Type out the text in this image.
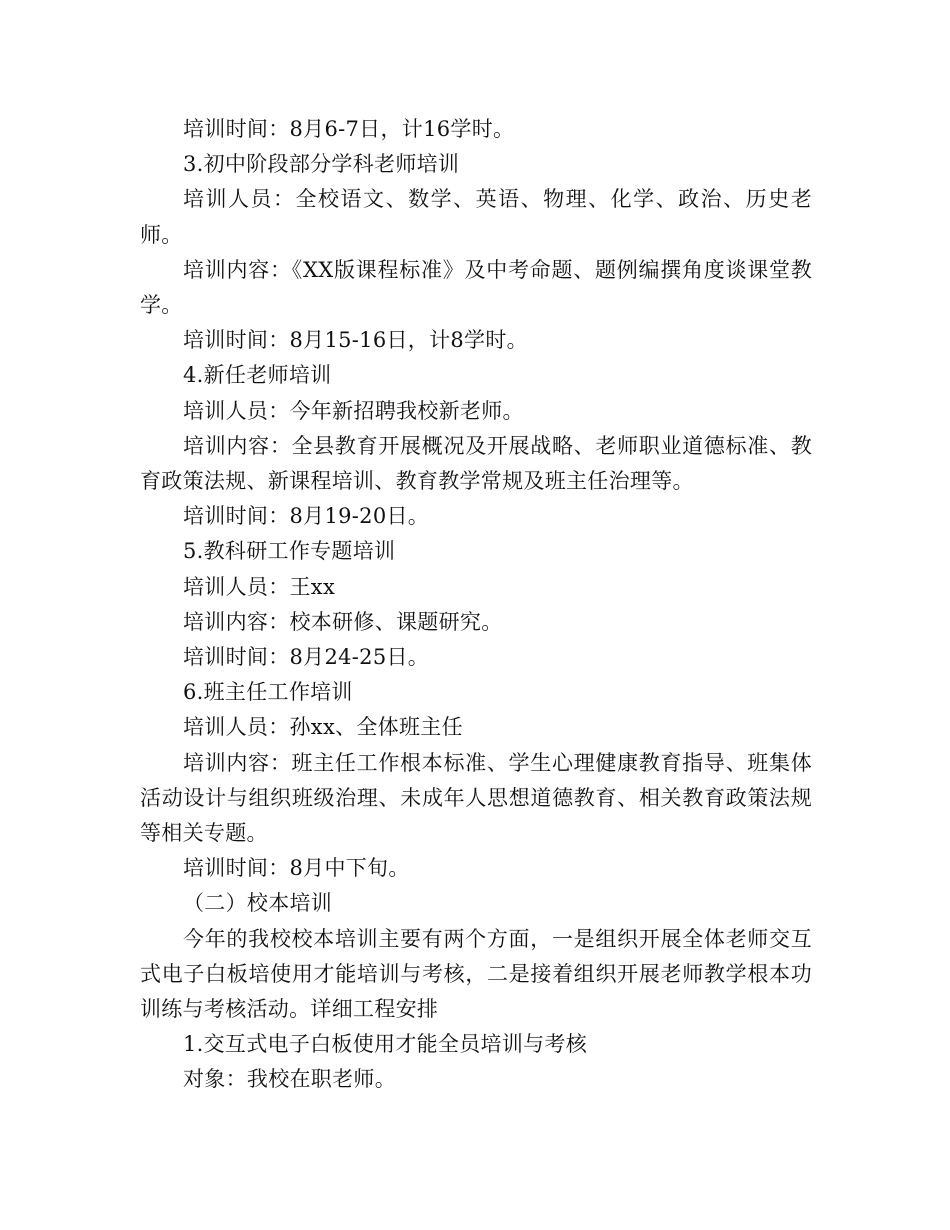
培训时间：8月6-7日，计16学时。

3.初中阶段部分学科老师培训

培训人员：全校语文、数学、英语、物理、化学、政治、历史老师。

培训内容：《XX版课程标准》及中考命题、题例编撰角度谈课堂教学。

培训时间：8月15-16日，计8学时。

4.新任老师培训

培训人员：今年新招聘我校新老师。

培训内容：全县教育开展概况及开展战略、老师职业道德标准、教育政策法规、新课程培训、教育教学常规及班主任治理等。

培训时间：8月19-20日。

5.教科研工作专题培训

培训人员：王xx

培训内容：校本研修、课题研究。

培训时间：8月24-25日。

6.班主任工作培训

培训人员：孙xx、全体班主任

培训内容：班主任工作根本标准、学生心理健康教育指导、班集体活动设计与组织班级治理、未成年人思想道德教育、相关教育政策法规等相关专题。

培训时间：8月中下旬。

（二）校本培训

今年的我校校本培训主要有两个方面，一是组织开展全体老师交互式电子白板培使用才能培训与考核，二是接着组织开展老师教学根本功训练与考核活动。详细工程安排

1.交互式电子白板使用才能全员培训与考核

对象：我校在职老师。
